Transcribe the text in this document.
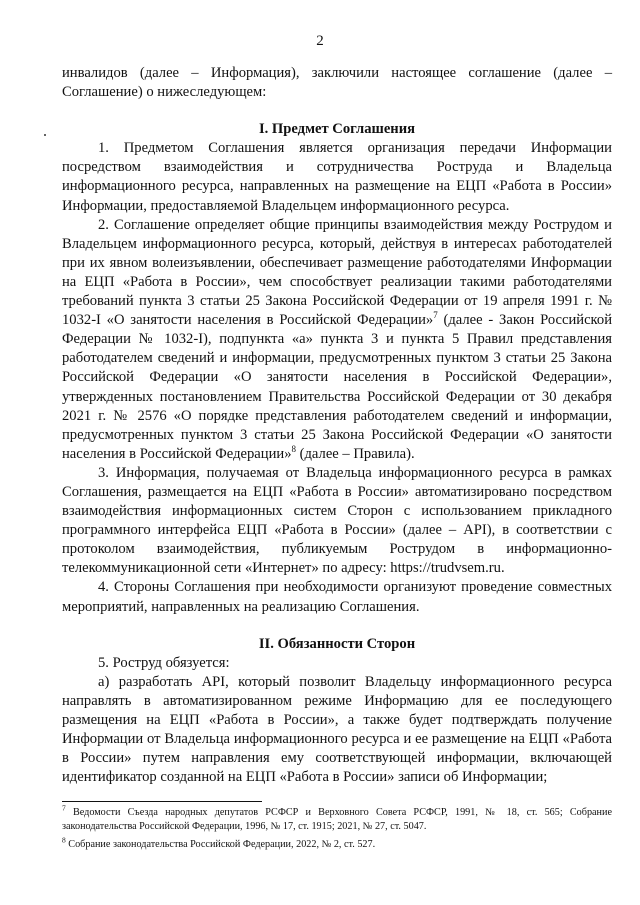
2

инвалидов (далее – Информация), заключили настоящее соглашение (далее – Соглашение) о нижеследующем:

I. Предмет Соглашения

1. Предметом Соглашения является организация передачи Информации посредством взаимодействия и сотрудничества Роструда и Владельца информационного ресурса, направленных на размещение на ЕЦП «Работа в России» Информации, предоставляемой Владельцем информационного ресурса.

2. Соглашение определяет общие принципы взаимодействия между Рострудом и Владельцем информационного ресурса, который, действуя в интересах работодателей при их явном волеизъявлении, обеспечивает размещение работодателями Информации на ЕЦП «Работа в России», чем способствует реализации такими работодателями требований пункта 3 статьи 25 Закона Российской Федерации от 19 апреля 1991 г. № 1032-I «О занятости населения в Российской Федерации»$^7$ (далее - Закон Российской Федерации № 1032-I), подпункта «а» пункта 3 и пункта 5 Правил представления работодателем сведений и информации, предусмотренных пунктом 3 статьи 25 Закона Российской Федерации «О занятости населения в Российской Федерации», утвержденных постановлением Правительства Российской Федерации от 30 декабря 2021 г. № 2576 «О порядке представления работодателем сведений и информации, предусмотренных пунктом 3 статьи 25 Закона Российской Федерации «О занятости населения в Российской Федерации»$^8$ (далее – Правила).

3. Информация, получаемая от Владельца информационного ресурса в рамках Соглашения, размещается на ЕЦП «Работа в России» автоматизировано посредством взаимодействия информационных систем Сторон с использованием прикладного программного интерфейса ЕЦП «Работа в России» (далее – API), в соответствии с протоколом взаимодействия, публикуемым Рострудом в информационно-телекоммуникационной сети «Интернет» по адресу: https://trudvsem.ru.

4. Стороны Соглашения при необходимости организуют проведение совместных мероприятий, направленных на реализацию Соглашения.

II. Обязанности Сторон

5. Роструд обязуется:

а) разработать API, который позволит Владельцу информационного ресурса направлять в автоматизированном режиме Информацию для ее последующего размещения на ЕЦП «Работа в России», а также будет подтверждать получение Информации от Владельца информационного ресурса и ее размещение на ЕЦП «Работа в России» путем направления ему соответствующей информации, включающей идентификатор созданной на ЕЦП «Работа в России» записи об Информации;

$^7$ Ведомости Съезда народных депутатов РСФСР и Верховного Совета РСФСР, 1991, № 18, ст. 565; Собрание законодательства Российской Федерации, 1996, № 17, ст. 1915; 2021, № 27, ст. 5047.

$^8$ Собрание законодательства Российской Федерации, 2022, № 2, ст. 527.
